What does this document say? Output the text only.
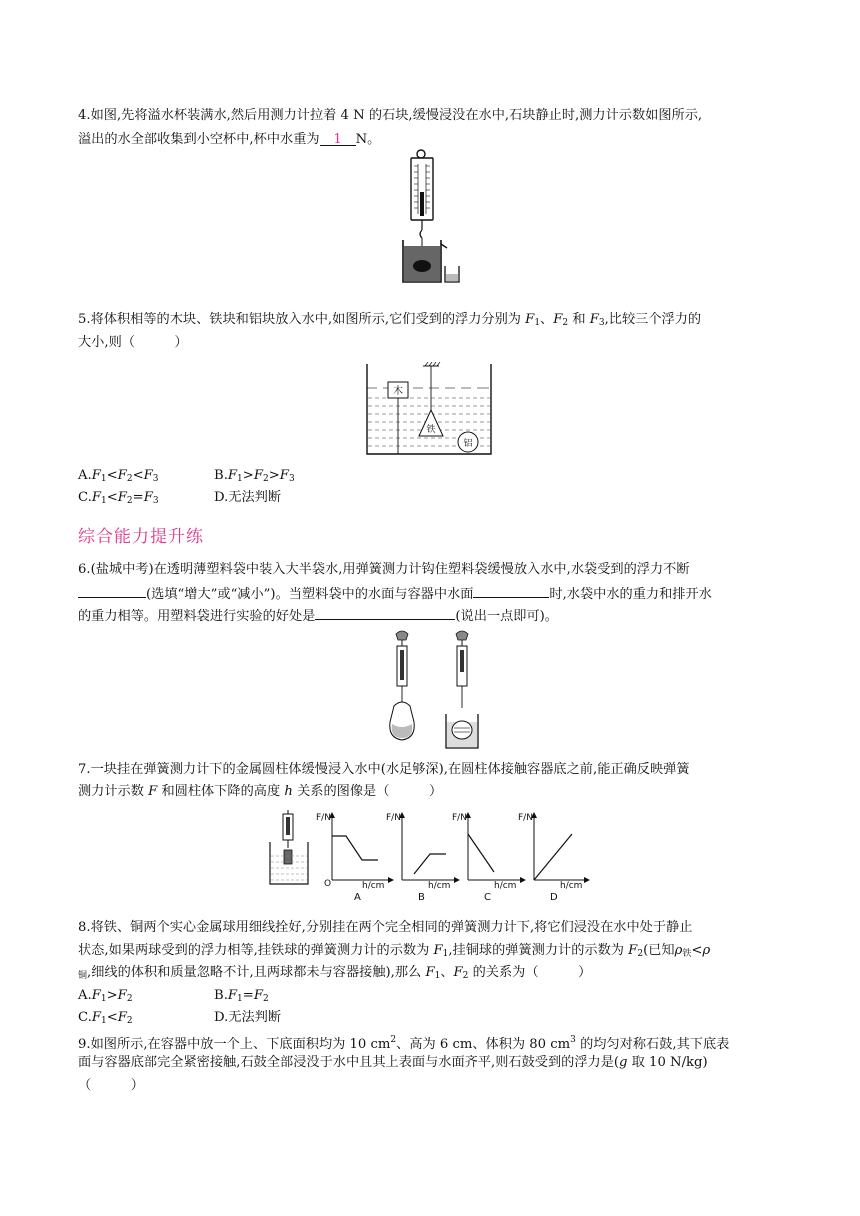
4.如图,先将溢水杯装满水,然后用测力计拉着 4 N 的石块,缓慢浸没在水中,石块静止时,测力计示数如图所示,
溢出的水全部收集到小空杯中,杯中水重为 1 N。
5.将体积相等的木块、铁块和铝块放入水中,如图所示,它们受到的浮力分别为 $F_1$、$F_2$ 和 $F_3$,比较三个浮力的
大小,则（　　　）
木
铁
铝
$A.F_1<F_2<F_3$	$B.F_1>F_2>F_3$
$C.F_1<F_2=F_3$	D.无法判断
综合能力提升练
6.(盐城中考)在透明薄塑料袋中装入大半袋水,用弹簧测力计钩住塑料袋缓慢放入水中,水袋受到的浮力不断
(选填“增大”或“减小”)。当塑料袋中的水面与容器中水面	时,水袋中水的重力和排开水
的重力相等。用塑料袋进行实验的好处是	(说出一点即可)。
7.一块挂在弹簧测力计下的金属圆柱体缓慢浸入水中(水足够深),在圆柱体接触容器底之前,能正确反映弹簧
测力计示数 F 和圆柱体下降的高度 h 关系的图像是（　　　）
F/N
h/cm
O
A
F/N
h/cm
B
F/N
h/cm
C
F/N
h/cm
D
8.将铁、铜两个实心金属球用细线拴好,分别挂在两个完全相同的弹簧测力计下,将它们浸没在水中处于静止
状态,如果两球受到的浮力相等,挂铁球的弹簧测力计的示数为 $F_1$,挂铜球的弹簧测力计的示数为 $F_2$(已知$\rho_铁<\rho$
$_铜$,细线的体积和质量忽略不计,且两球都未与容器接触),那么 $F_1$、$F_2$ 的关系为（　　　）
$A.F_1>F_2$	$B.F_1=F_2$
$C.F_1<F_2$	D.无法判断
9.如图所示,在容器中放一个上、下底面积均为 10 $cm^2$、高为 6 cm、体积为 80 $cm^3$ 的均匀对称石鼓,其下底表
面与容器底部完全紧密接触,石鼓全部浸没于水中且其上表面与水面齐平,则石鼓受到的浮力是(g 取 10 N/kg)
（　　　）
